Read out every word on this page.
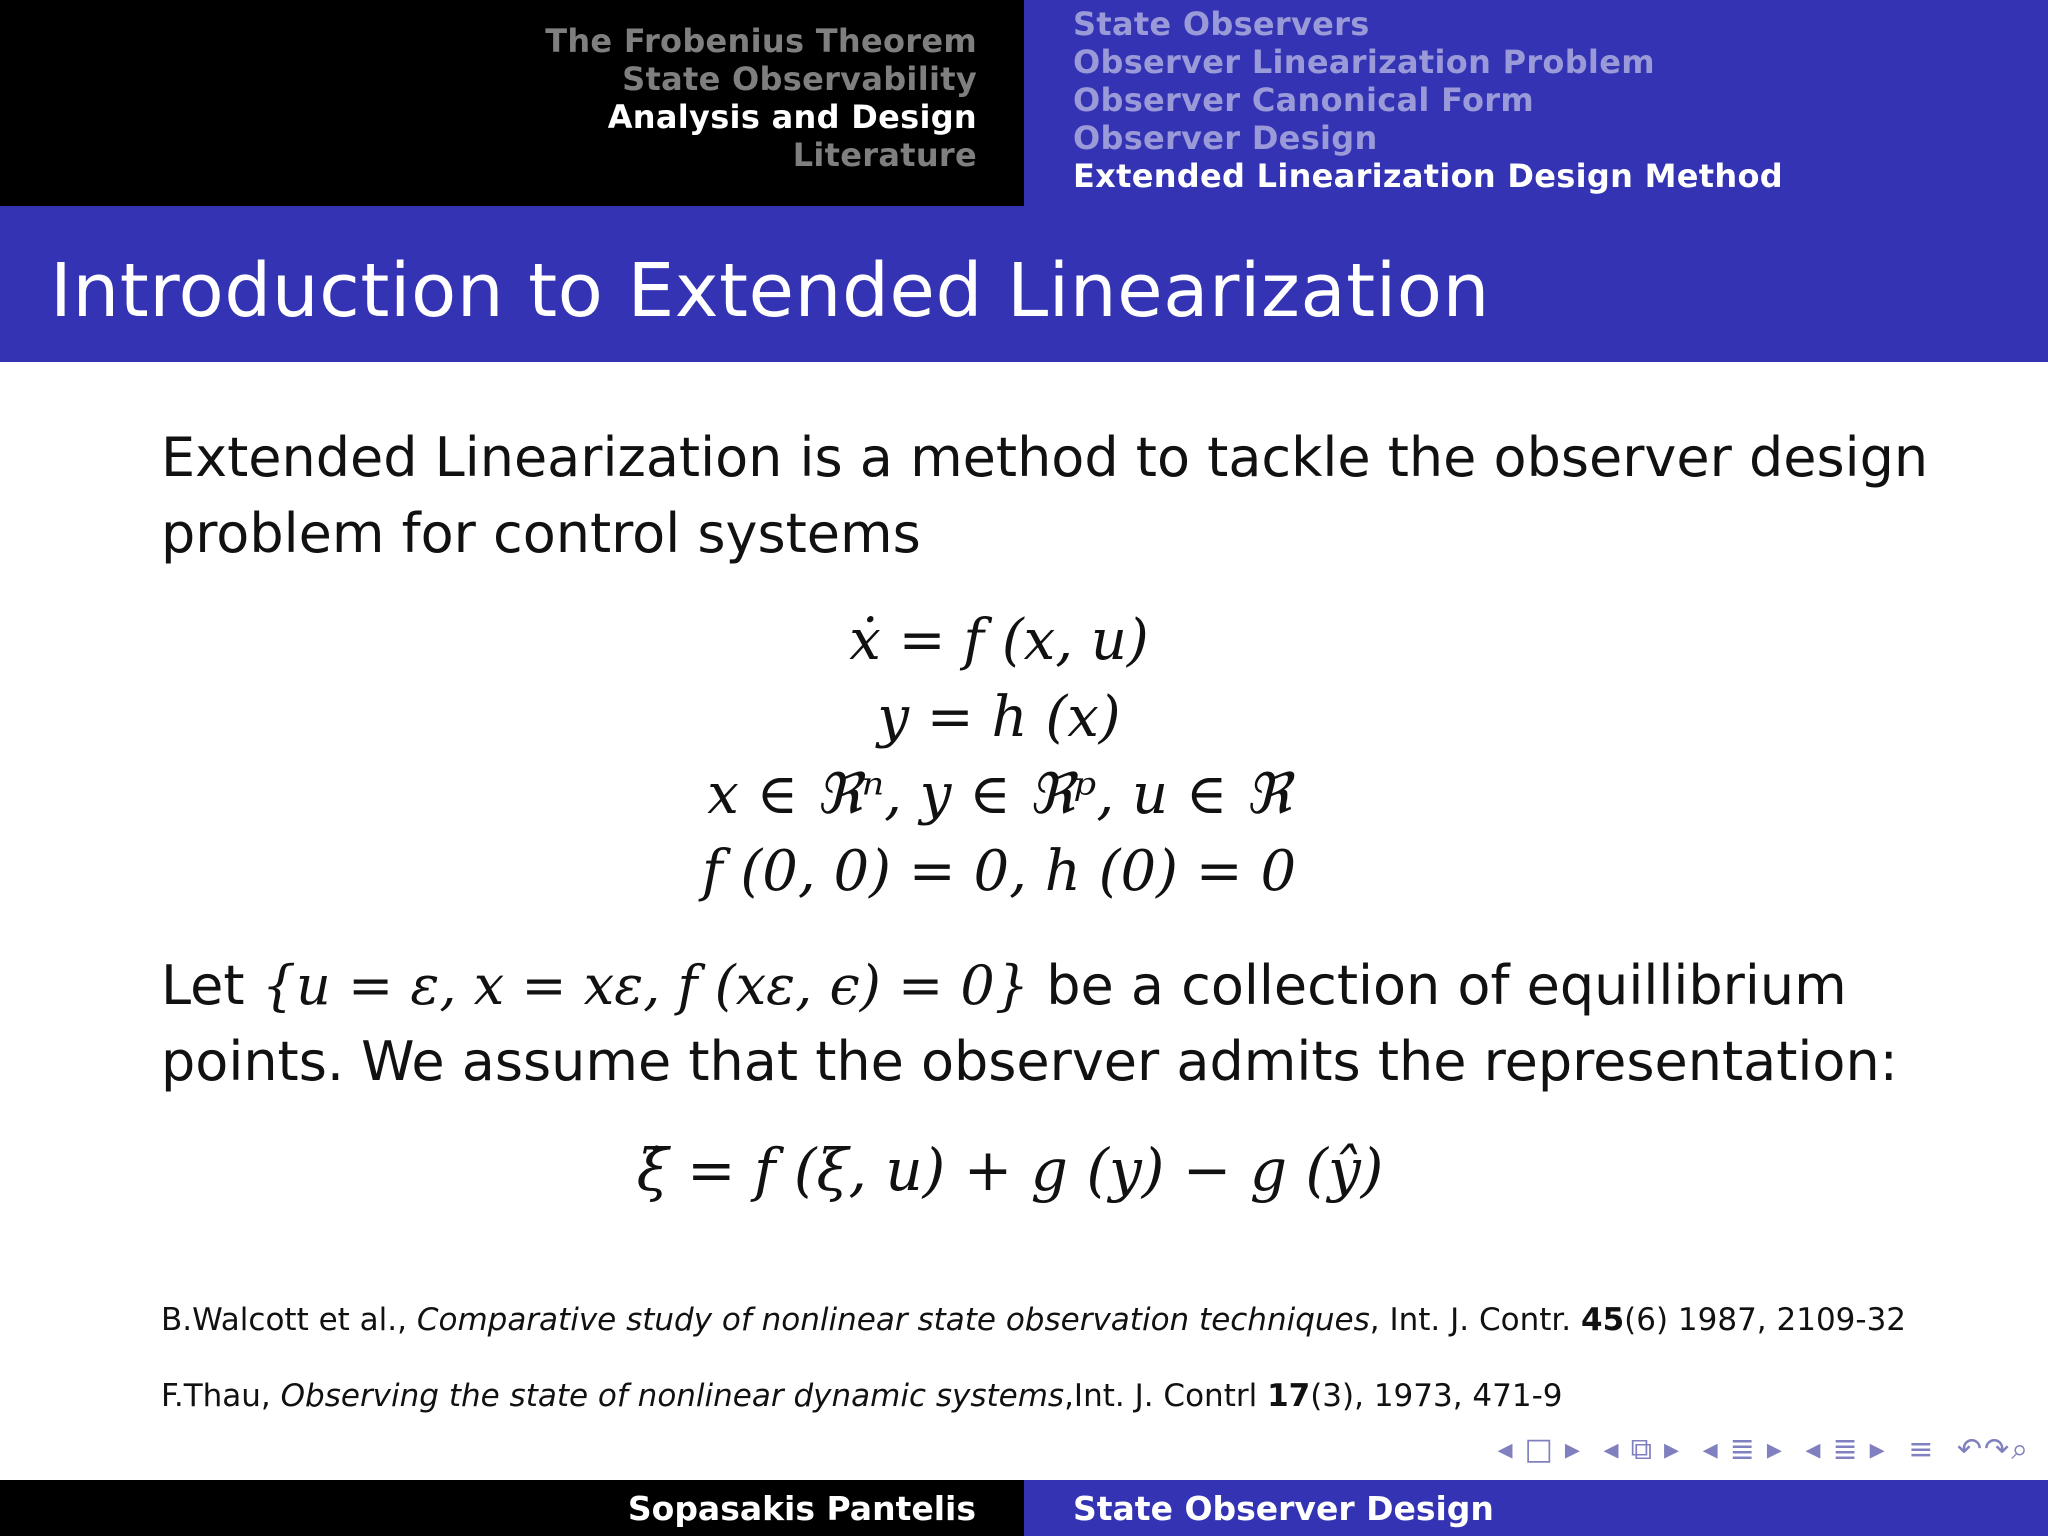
The Frobenius Theorem
State Observability
Analysis and Design
Literature
State Observers
Observer Linearization Problem
Observer Canonical Form
Observer Design
Extended Linearization Design Method
Introduction to Extended Linearization

Extended Linearization is a method to tackle the observer design problem for control systems

ẋ = f (x, u)
y = h (x)
x ∈ ℜⁿ, y ∈ ℜᵖ, u ∈ ℜ
f (0, 0) = 0, h (0) = 0

Let {u = ε, x = xε, f (xε, ϵ) = 0} be a collection of equillibrium points. We assume that the observer admits the representation:

ξ̇ = f (ξ, u) + g (y) − g (ŷ)

B.Walcott et al., Comparative study of nonlinear state observation techniques, Int. J. Contr. 45(6) 1987, 2109-32

F.Thau, Observing the state of nonlinear dynamic systems,Int. J. Contrl 17(3), 1973, 471-9

◂ □ ▸ ◂ ⧉ ▸ ◂ ≣ ▸ ◂ ≣ ▸ ≡ ↶↷⌕
Sopasakis Pantelis	State Observer Design
